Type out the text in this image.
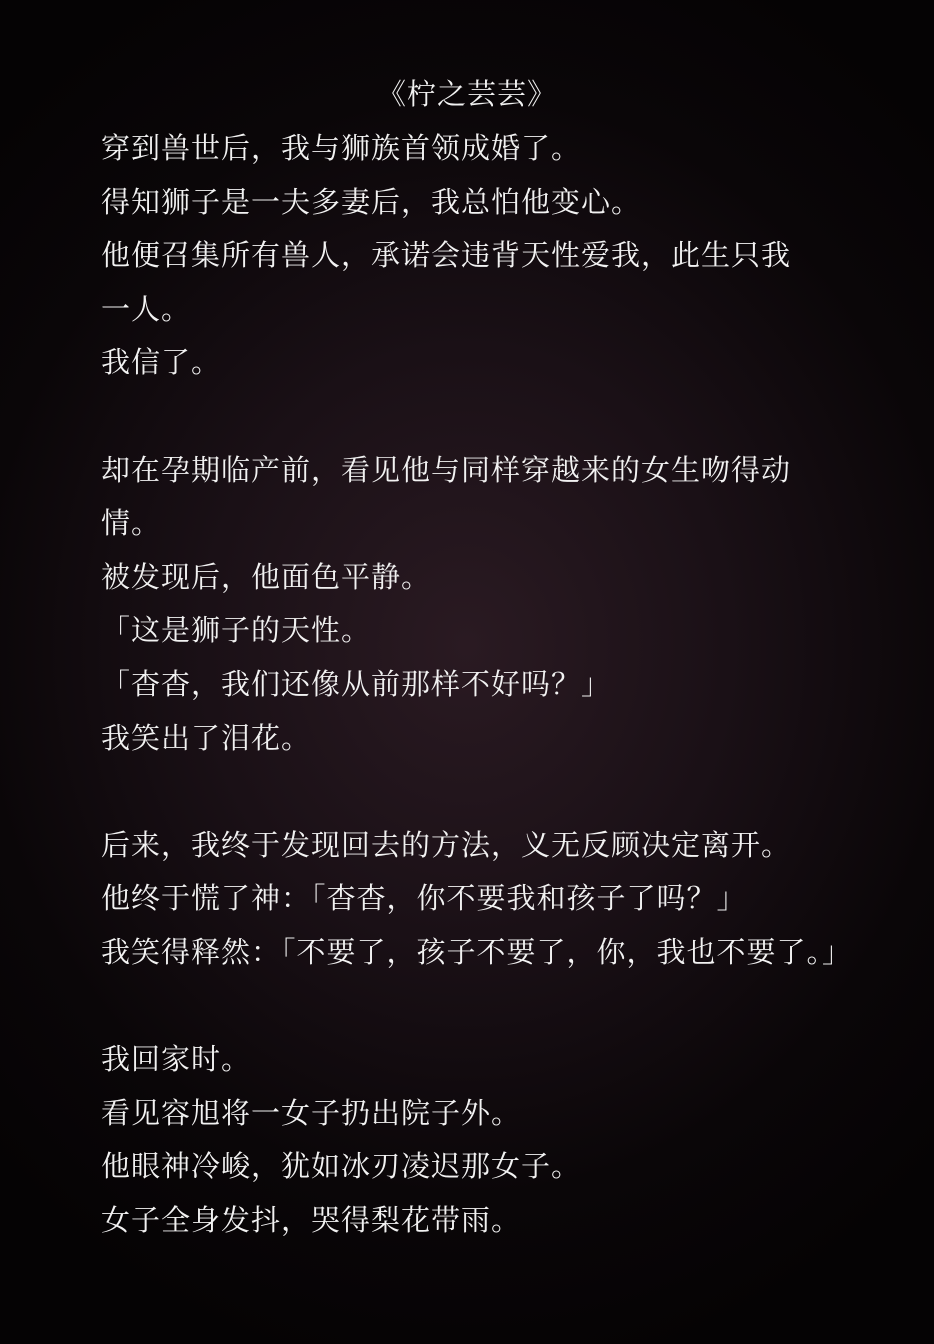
《柠之芸芸》
穿到兽世后，我与狮族首领成婚了。
得知狮子是一夫多妻后，我总怕他变心。
他便召集所有兽人，承诺会违背天性爱我，此生只我
一人。
我信了。
却在孕期临产前，看见他与同样穿越来的女生吻得动
情。
被发现后，他面色平静。
「这是狮子的天性。
「杳杳，我们还像从前那样不好吗？」
我笑出了泪花。
后来，我终于发现回去的方法，义无反顾决定离开。
他终于慌了神：「杳杳，你不要我和孩子了吗？」
我笑得释然：「不要了，孩子不要了，你，我也不要了。」
我回家时。
看见容旭将一女子扔出院子外。
他眼神冷峻，犹如冰刃凌迟那女子。
女子全身发抖，哭得梨花带雨。
